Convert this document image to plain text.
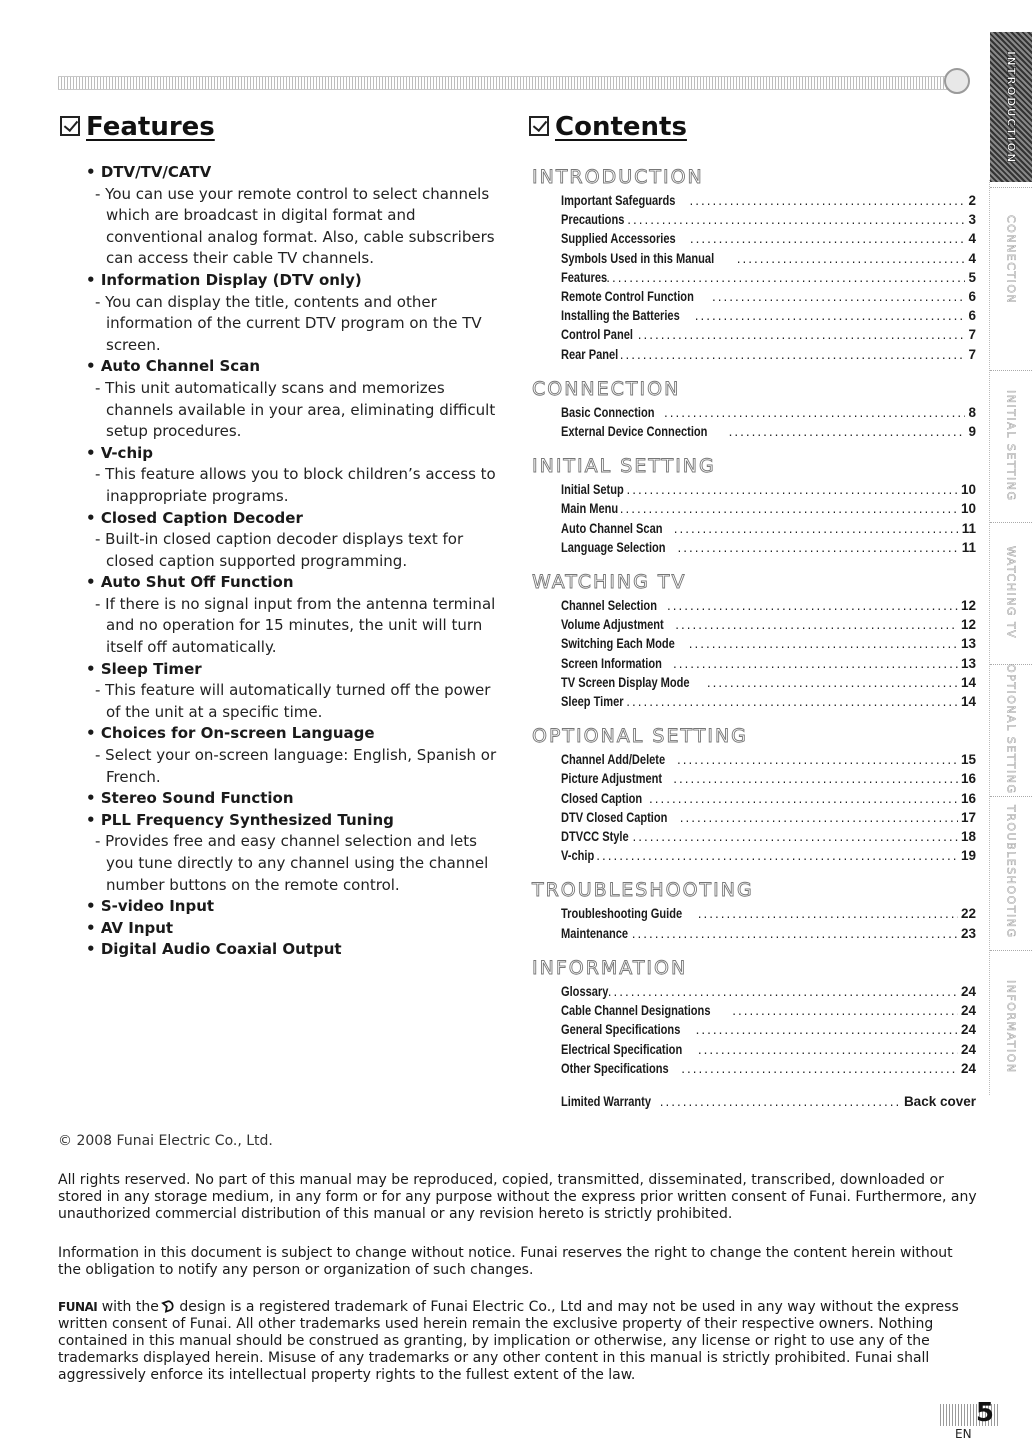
Features	Contents
• DTV/TV/CATV
- You can use your remote control to select channels which are broadcast in digital format and conventional analog format. Also, cable subscribers can access their cable TV channels.
• Information Display (DTV only)
- You can display the title, contents and other information of the current DTV program on the TV screen.
• Auto Channel Scan
- This unit automatically scans and memorizes channels available in your area, eliminating difficult setup procedures.
• V-chip
- This feature allows you to block children’s access to inappropriate programs.
• Closed Caption Decoder
- Built-in closed caption decoder displays text for closed caption supported programming.
• Auto Shut Off Function
- If there is no signal input from the antenna terminal and no operation for 15 minutes, the unit will turn itself off automatically.
• Sleep Timer
- This feature will automatically turned off the power of the unit at a specific time.
• Choices for On-screen Language
- Select your on-screen language: English, Spanish or French.
• Stereo Sound Function
• PLL Frequency Synthesized Tuning
- Provides free and easy channel selection and lets you tune directly to any channel using the channel number buttons on the remote control.
• S-video Input
• AV Input
• Digital Audio Coaxial Output
INTRODUCTION
Important Safeguards .....	2
Precautions .....	3
Supplied Accessories .....	4
Symbols Used in this Manual .....	4
Features .....	5
Remote Control Function .....	6
Installing the Batteries .....	6
Control Panel .....	7
Rear Panel .....	7
CONNECTION
Basic Connection .....	8
External Device Connection .....	9
INITIAL SETTING
Initial Setup .....	10
Main Menu .....	10
Auto Channel Scan .....	11
Language Selection .....	11
WATCHING TV
Channel Selection .....	12
Volume Adjustment .....	12
Switching Each Mode .....	13
Screen Information .....	13
TV Screen Display Mode .....	14
Sleep Timer .....	14
OPTIONAL SETTING
Channel Add/Delete .....	15
Picture Adjustment .....	16
Closed Caption .....	16
DTV Closed Caption .....	17
DTVCC Style .....	18
V-chip .....	19
TROUBLESHOOTING
Troubleshooting Guide .....	22
Maintenance .....	23
INFORMATION
Glossary .....	24
Cable Channel Designations .....	24
General Specifications .....	24
Electrical Specification .....	24
Other Specifications .....	24
Limited Warranty .....	Back cover
INTRODUCTION
CONNECTION
INITIAL SETTING
WATCHING TV
OPTIONAL SETTING
TROUBLESHOOTING
INFORMATION
© 2008 Funai Electric Co., Ltd.
All rights reserved. No part of this manual may be reproduced, copied, transmitted, disseminated, transcribed, downloaded or stored in any storage medium, in any form or for any purpose without the express prior written consent of Funai. Furthermore, any unauthorized commercial distribution of this manual or any revision hereto is strictly prohibited.
Information in this document is subject to change without notice. Funai reserves the right to change the content herein without the obligation to notify any person or organization of such changes.
FUNAI with the ᗤ design is a registered trademark of Funai Electric Co., Ltd and may not be used in any way without the express written consent of Funai. All other trademarks used herein remain the exclusive property of their respective owners. Nothing contained in this manual should be construed as granting, by implication or otherwise, any license or right to use any of the trademarks displayed herein. Misuse of any trademarks or any other content in this manual is strictly prohibited. Funai shall aggressively enforce its intellectual property rights to the fullest extent of the law.
5
EN
